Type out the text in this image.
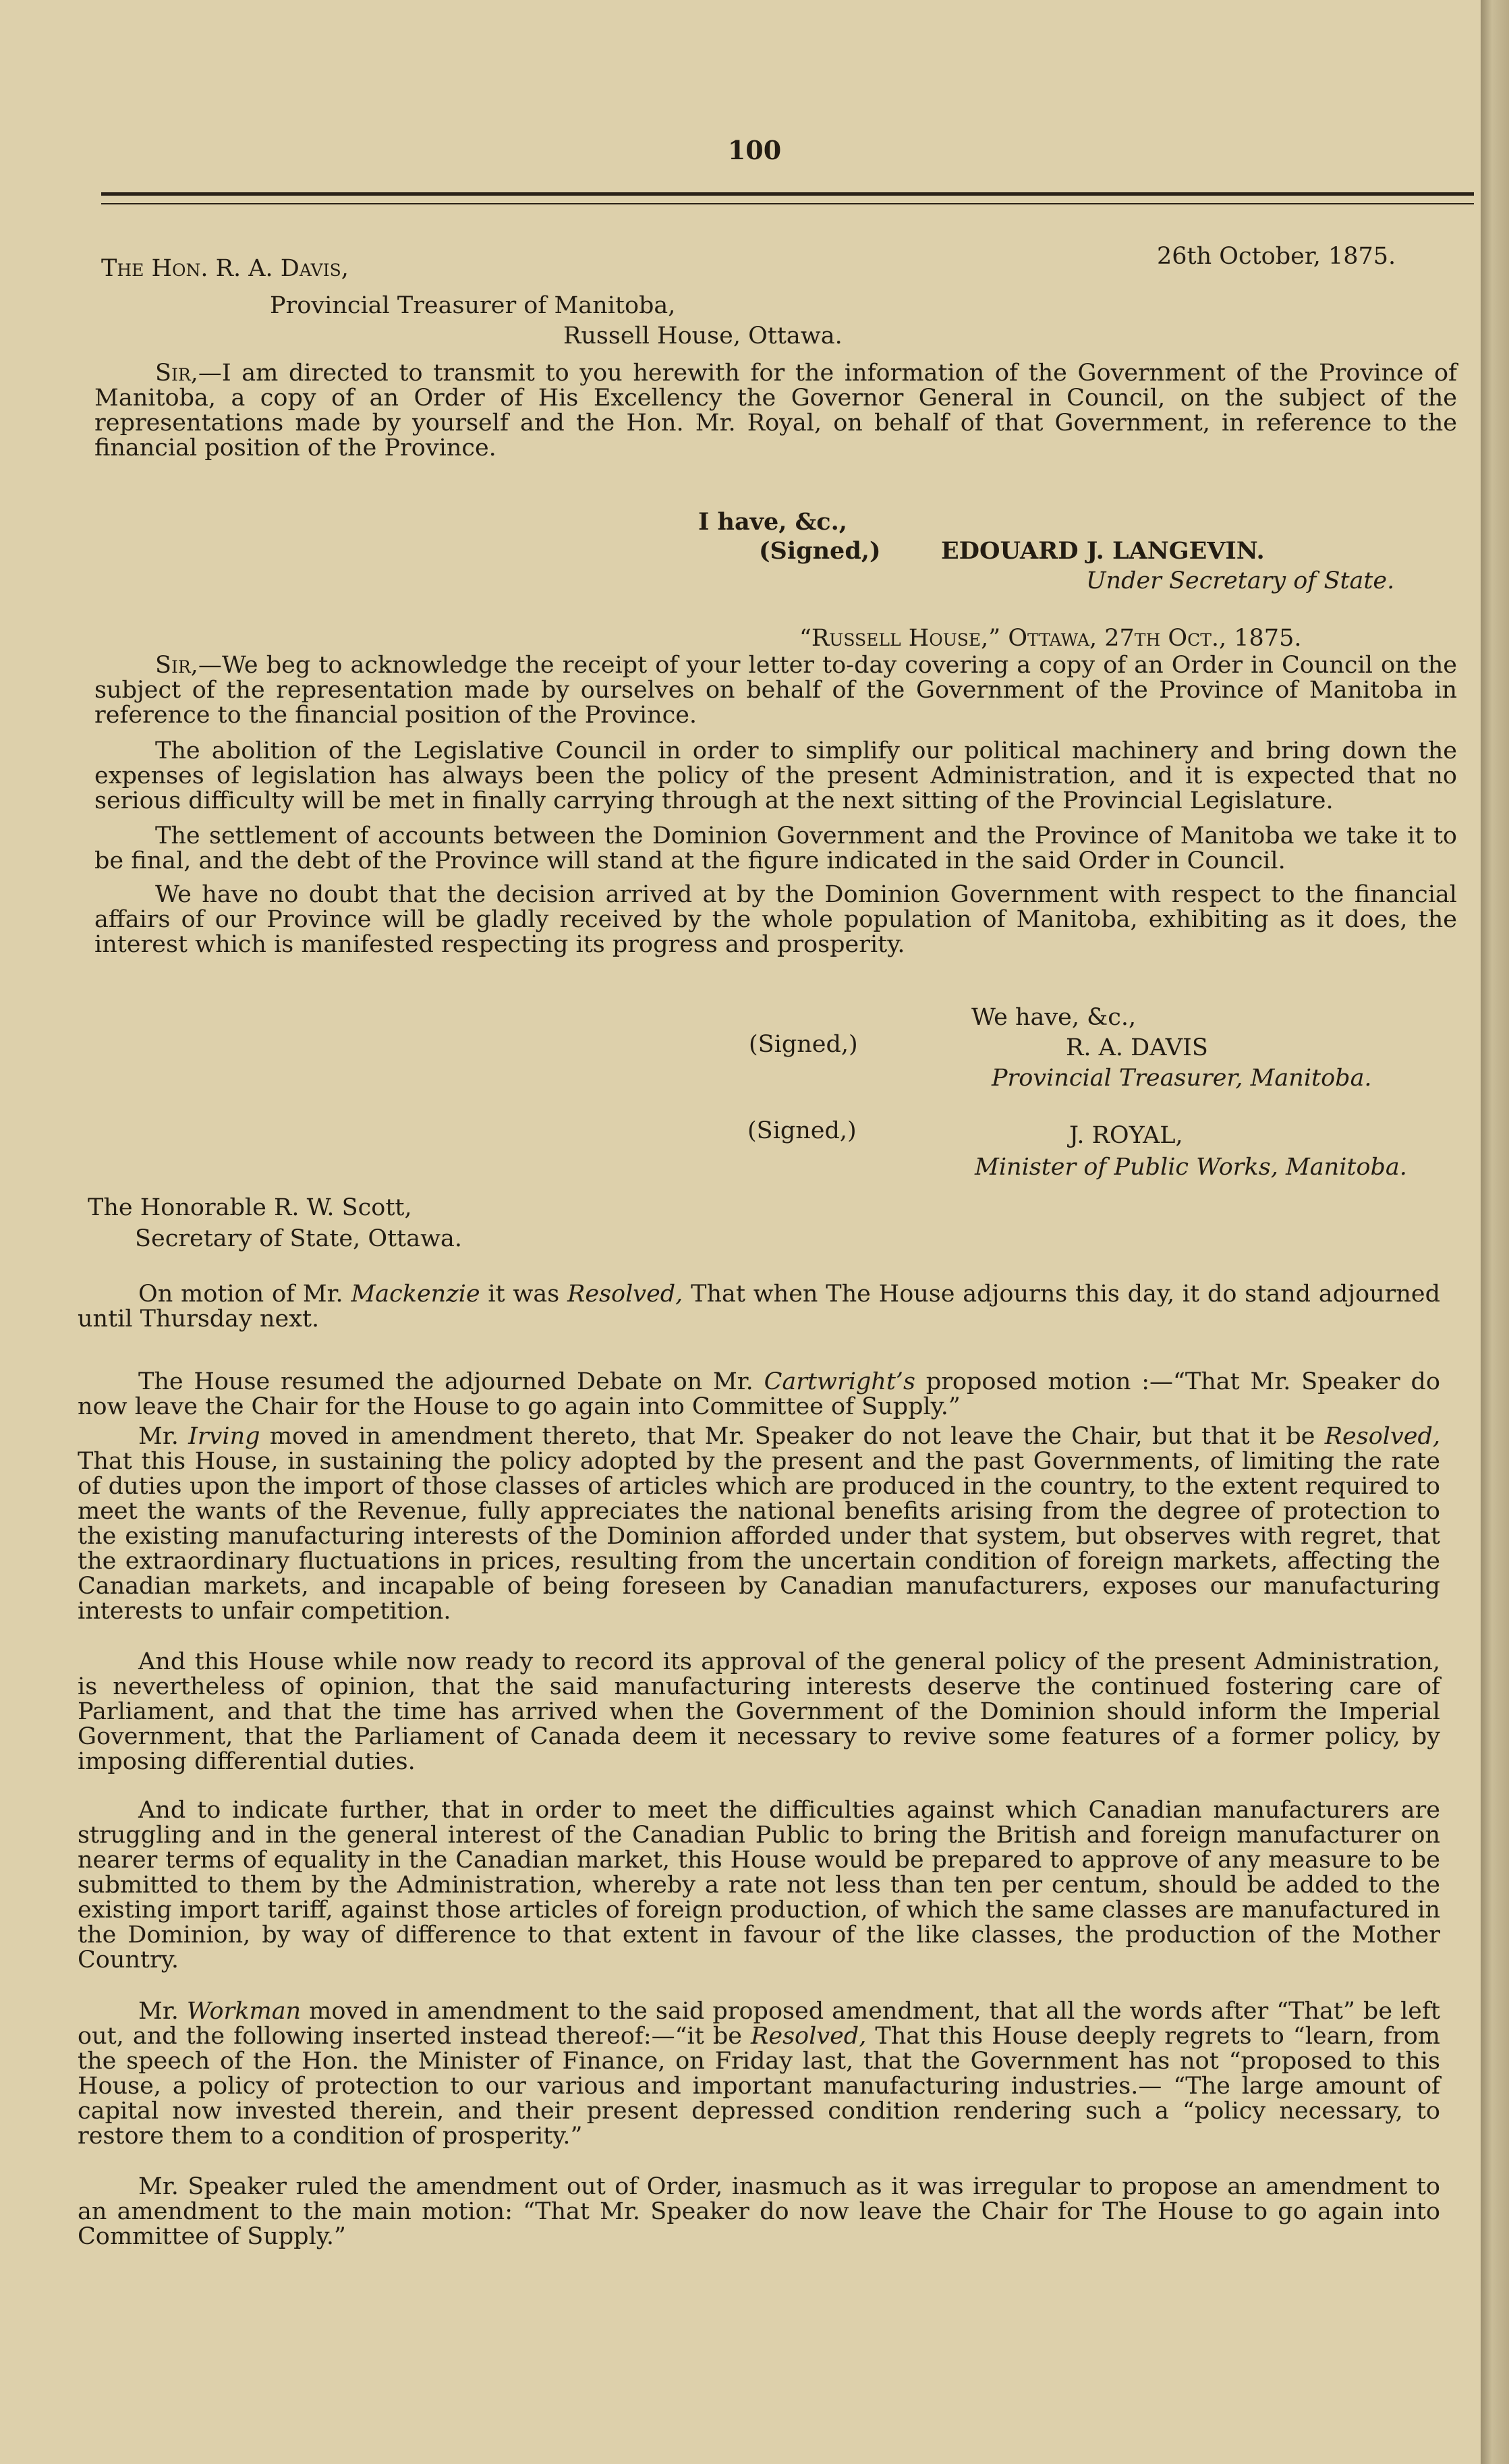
100
The Hon. R. A. Davis,	26th October, 1875.
Provincial Treasurer of Manitoba,
Russell House, Ottawa.
Sir,—I am directed to transmit to you herewith for the information of the Government of the Province of Manitoba, a copy of an Order of His Excellency the Governor General in Council, on the subject of the representations made by yourself and the Hon. Mr. Royal, on behalf of that Government, in reference to the financial position of the Province.
I have, &c.,
(Signed,)	EDOUARD J. LANGEVIN.
Under Secretary of State.
“Russell House,” Ottawa, 27th Oct., 1875.
Sir,—We beg to acknowledge the receipt of your letter to-day covering a copy of an Order in Council on the subject of the representation made by ourselves on behalf of the Government of the Province of Manitoba in reference to the financial position of the Province.
The abolition of the Legislative Council in order to simplify our political machinery and bring down the expenses of legislation has always been the policy of the present Administration, and it is expected that no serious difficulty will be met in finally carrying through at the next sitting of the Provincial Legislature.
The settlement of accounts between the Dominion Government and the Province of Manitoba we take it to be final, and the debt of the Province will stand at the figure indicated in the said Order in Council.
We have no doubt that the decision arrived at by the Dominion Government with respect to the financial affairs of our Province will be gladly received by the whole population of Manitoba, exhibiting as it does, the interest which is manifested respecting its progress and prosperity.
We have, &c.,
(Signed,)	R. A. DAVIS
Provincial Treasurer, Manitoba.
(Signed,)	J. ROYAL,
Minister of Public Works, Manitoba.
The Honorable R. W. Scott,
Secretary of State, Ottawa.
On motion of Mr. Mackenzie it was Resolved, That when The House adjourns this day, it do stand adjourned until Thursday next.
The House resumed the adjourned Debate on Mr. Cartwright’s proposed motion :—“That Mr. Speaker do now leave the Chair for the House to go again into Committee of Supply.”
Mr. Irving moved in amendment thereto, that Mr. Speaker do not leave the Chair, but that it be Resolved, That this House, in sustaining the policy adopted by the present and the past Governments, of limiting the rate of duties upon the import of those classes of articles which are produced in the country, to the extent required to meet the wants of the Revenue, fully appreciates the national benefits arising from the degree of protection to the existing manufacturing interests of the Dominion afforded under that system, but observes with regret, that the extraordinary fluctuations in prices, resulting from the uncertain condition of foreign markets, affecting the Canadian markets, and incapable of being foreseen by Canadian manufacturers, exposes our manufacturing interests to unfair competition.
And this House while now ready to record its approval of the general policy of the present Administration, is nevertheless of opinion, that the said manufacturing interests deserve the continued fostering care of Parliament, and that the time has arrived when the Government of the Dominion should inform the Imperial Government, that the Parliament of Canada deem it necessary to revive some features of a former policy, by imposing differential duties.
And to indicate further, that in order to meet the difficulties against which Canadian manufacturers are struggling and in the general interest of the Canadian Public to bring the British and foreign manufacturer on nearer terms of equality in the Canadian market, this House would be prepared to approve of any measure to be submitted to them by the Administration, whereby a rate not less than ten per centum, should be added to the existing import tariff, against those articles of foreign production, of which the same classes are manufactured in the Dominion, by way of difference to that extent in favour of the like classes, the production of the Mother Country.
Mr. Workman moved in amendment to the said proposed amendment, that all the words after “That” be left out, and the following inserted instead thereof:—“it be Resolved, That this House deeply regrets to “learn, from the speech of the Hon. the Minister of Finance, on Friday last, that the Government has not “proposed to this House, a policy of protection to our various and important manufacturing industries.— “The large amount of capital now invested therein, and their present depressed condition rendering such a “policy necessary, to restore them to a condition of prosperity.”
Mr. Speaker ruled the amendment out of Order, inasmuch as it was irregular to propose an amendment to an amendment to the main motion: “That Mr. Speaker do now leave the Chair for The House to go again into Committee of Supply.”
